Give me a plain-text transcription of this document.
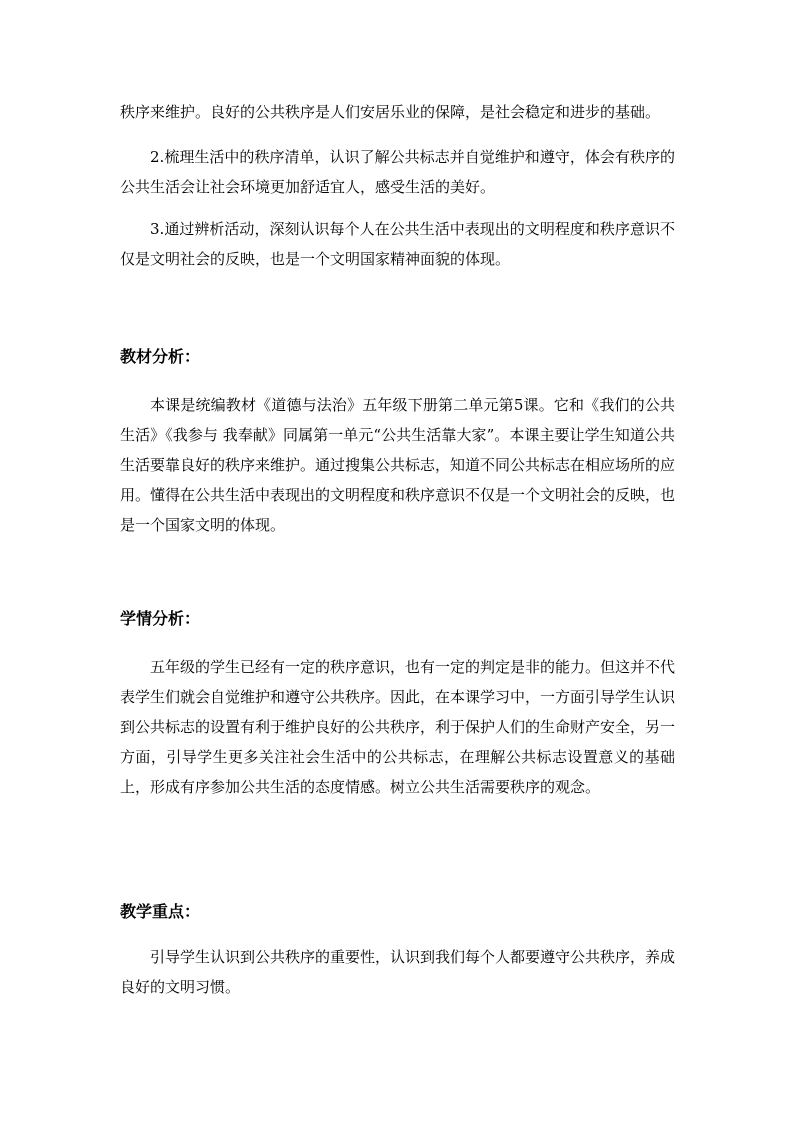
秩序来维护。良好的公共秩序是人们安居乐业的保障，是社会稳定和进步的基础。

2.梳理生活中的秩序清单，认识了解公共标志并自觉维护和遵守，体会有秩序的公共生活会让社会环境更加舒适宜人，感受生活的美好。

3.通过辨析活动，深刻认识每个人在公共生活中表现出的文明程度和秩序意识不仅是文明社会的反映，也是一个文明国家精神面貌的体现。

教材分析：

本课是统编教材《道德与法治》五年级下册第二单元第5课。它和《我们的公共生活》《我参与 我奉献》同属第一单元“公共生活靠大家”。本课主要让学生知道公共生活要靠良好的秩序来维护。通过搜集公共标志，知道不同公共标志在相应场所的应用。懂得在公共生活中表现出的文明程度和秩序意识不仅是一个文明社会的反映，也是一个国家文明的体现。

学情分析：

五年级的学生已经有一定的秩序意识，也有一定的判定是非的能力。但这并不代表学生们就会自觉维护和遵守公共秩序。因此，在本课学习中，一方面引导学生认识到公共标志的设置有利于维护良好的公共秩序，利于保护人们的生命财产安全，另一方面，引导学生更多关注社会生活中的公共标志，在理解公共标志设置意义的基础上，形成有序参加公共生活的态度情感。树立公共生活需要秩序的观念。

教学重点：

引导学生认识到公共秩序的重要性，认识到我们每个人都要遵守公共秩序，养成良好的文明习惯。
